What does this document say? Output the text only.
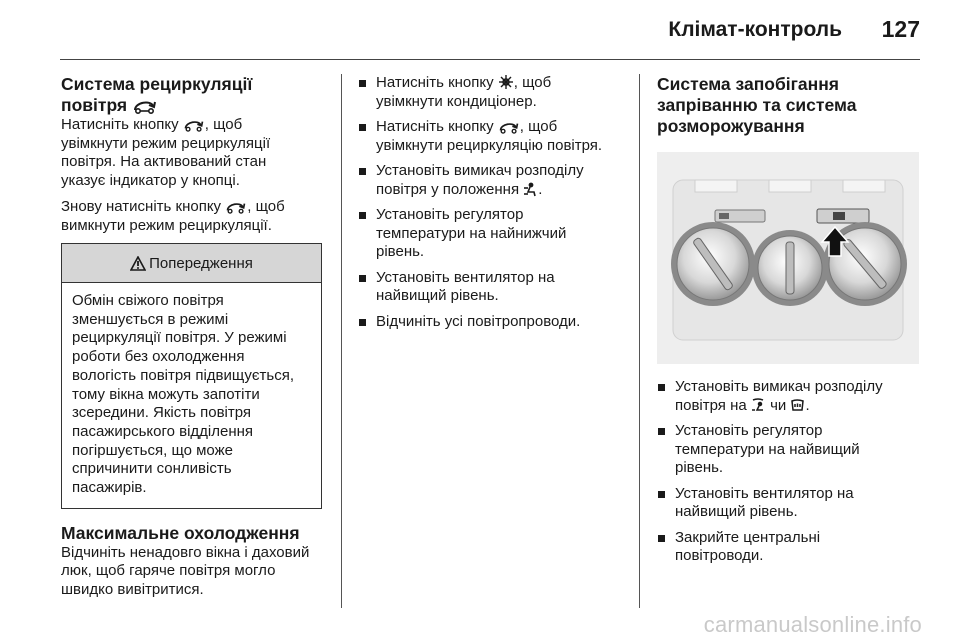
Клімат-контроль 127
Система рециркуляції
повітря

Натисніть кнопку , щоб
увімкнути режим рециркуляції
повітря. На активований стан
указує індикатор у кнопці.

Знову натисніть кнопку , щоб
вимкнути режим рециркуляції.

Попередження

Обмін свіжого повітря
зменшується в режимі
рециркуляції повітря. У режимі
роботи без охолодження
вологість повітря підвищується,
тому вікна можуть запотіти
зсередини. Якість повітря
пасажирського відділення
погіршується, що може
спричинити сонливість
пасажирів.

Максимальне охолодження

Відчиніть ненадовго вікна і даховий
люк, щоб гаряче повітря могло
швидко вивітритися.

Натисніть кнопку , щоб
увімкнути кондиціонер.
Натисніть кнопку , щоб
увімкнути рециркуляцію повітря.
Установіть вимикач розподілу
повітря у положення .
Установіть регулятор
температури на найнижчий
рівень.
Установіть вентилятор на
найвищий рівень.
Відчиніть усі повітропроводи.
Система запобігання
запріванню та система
розморожування
Установіть вимикач розподілу
повітря на чи .
Установіть регулятор
температури на найвищий
рівень.
Установіть вентилятор на
найвищий рівень.
Закрийте центральні
повітроводи.
carmanualsonline.info
